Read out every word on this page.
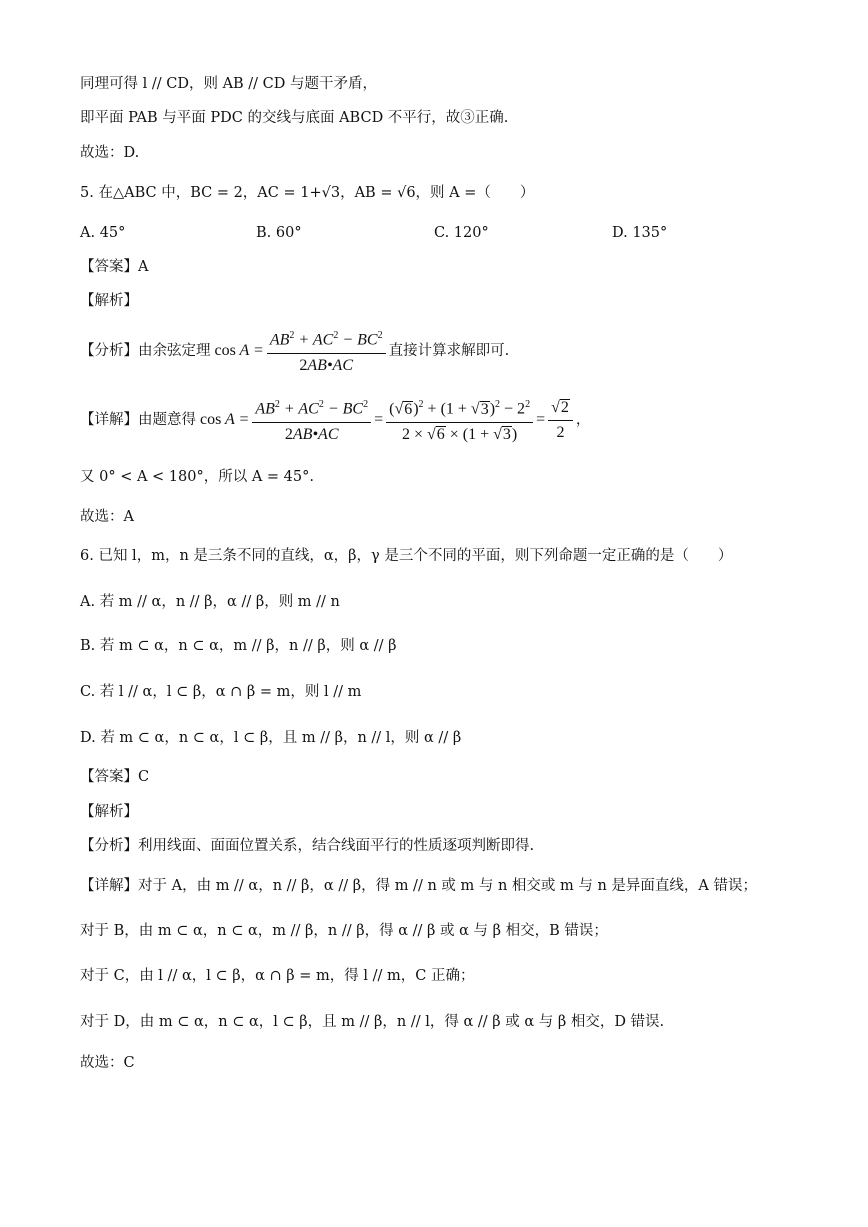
同理可得 l // CD，则 AB // CD 与题干矛盾，
即平面 PAB 与平面 PDC 的交线与底面 ABCD 不平行，故③正确.
故选：D.
5. 在△ABC 中，BC = 2，AC = 1+√3，AB = √6，则 A =（　　）
A. 45°	B. 60°	C. 120°	D. 135°
【答案】A
【解析】
【分析】由余弦定理 $\cos A = \frac{AB^2 + AC^2 - BC^2}{2AB•AC}$ 直接计算求解即可.
【详解】由题意得 $\cos A = \frac{AB^2 + AC^2 - BC^2}{2AB•AC} = \frac{(√6)^2 + (1 + √3)^2 - 2^2}{2 \times √6 \times (1 + √3)} = \frac{√2}{2}$ ，
又 0° < A < 180°，所以 A = 45°.
故选：A
6. 已知 l，m，n 是三条不同的直线，α，β，γ 是三个不同的平面，则下列命题一定正确的是（　　）
A. 若 m // α，n // β，α // β，则 m // n
B. 若 m ⊂ α，n ⊂ α，m // β，n // β，则 α // β
C. 若 l // α，l ⊂ β，α ∩ β = m，则 l // m
D. 若 m ⊂ α，n ⊂ α，l ⊂ β，且 m // β，n // l，则 α // β
【答案】C
【解析】
【分析】利用线面、面面位置关系，结合线面平行的性质逐项判断即得.
【详解】对于 A，由 m // α，n // β，α // β，得 m // n 或 m 与 n 相交或 m 与 n 是异面直线，A 错误；
对于 B，由 m ⊂ α，n ⊂ α，m // β，n // β，得 α // β 或 α 与 β 相交，B 错误；
对于 C，由 l // α，l ⊂ β，α ∩ β = m，得 l // m，C 正确；
对于 D，由 m ⊂ α，n ⊂ α，l ⊂ β，且 m // β，n // l，得 α // β 或 α 与 β 相交，D 错误.
故选：C
